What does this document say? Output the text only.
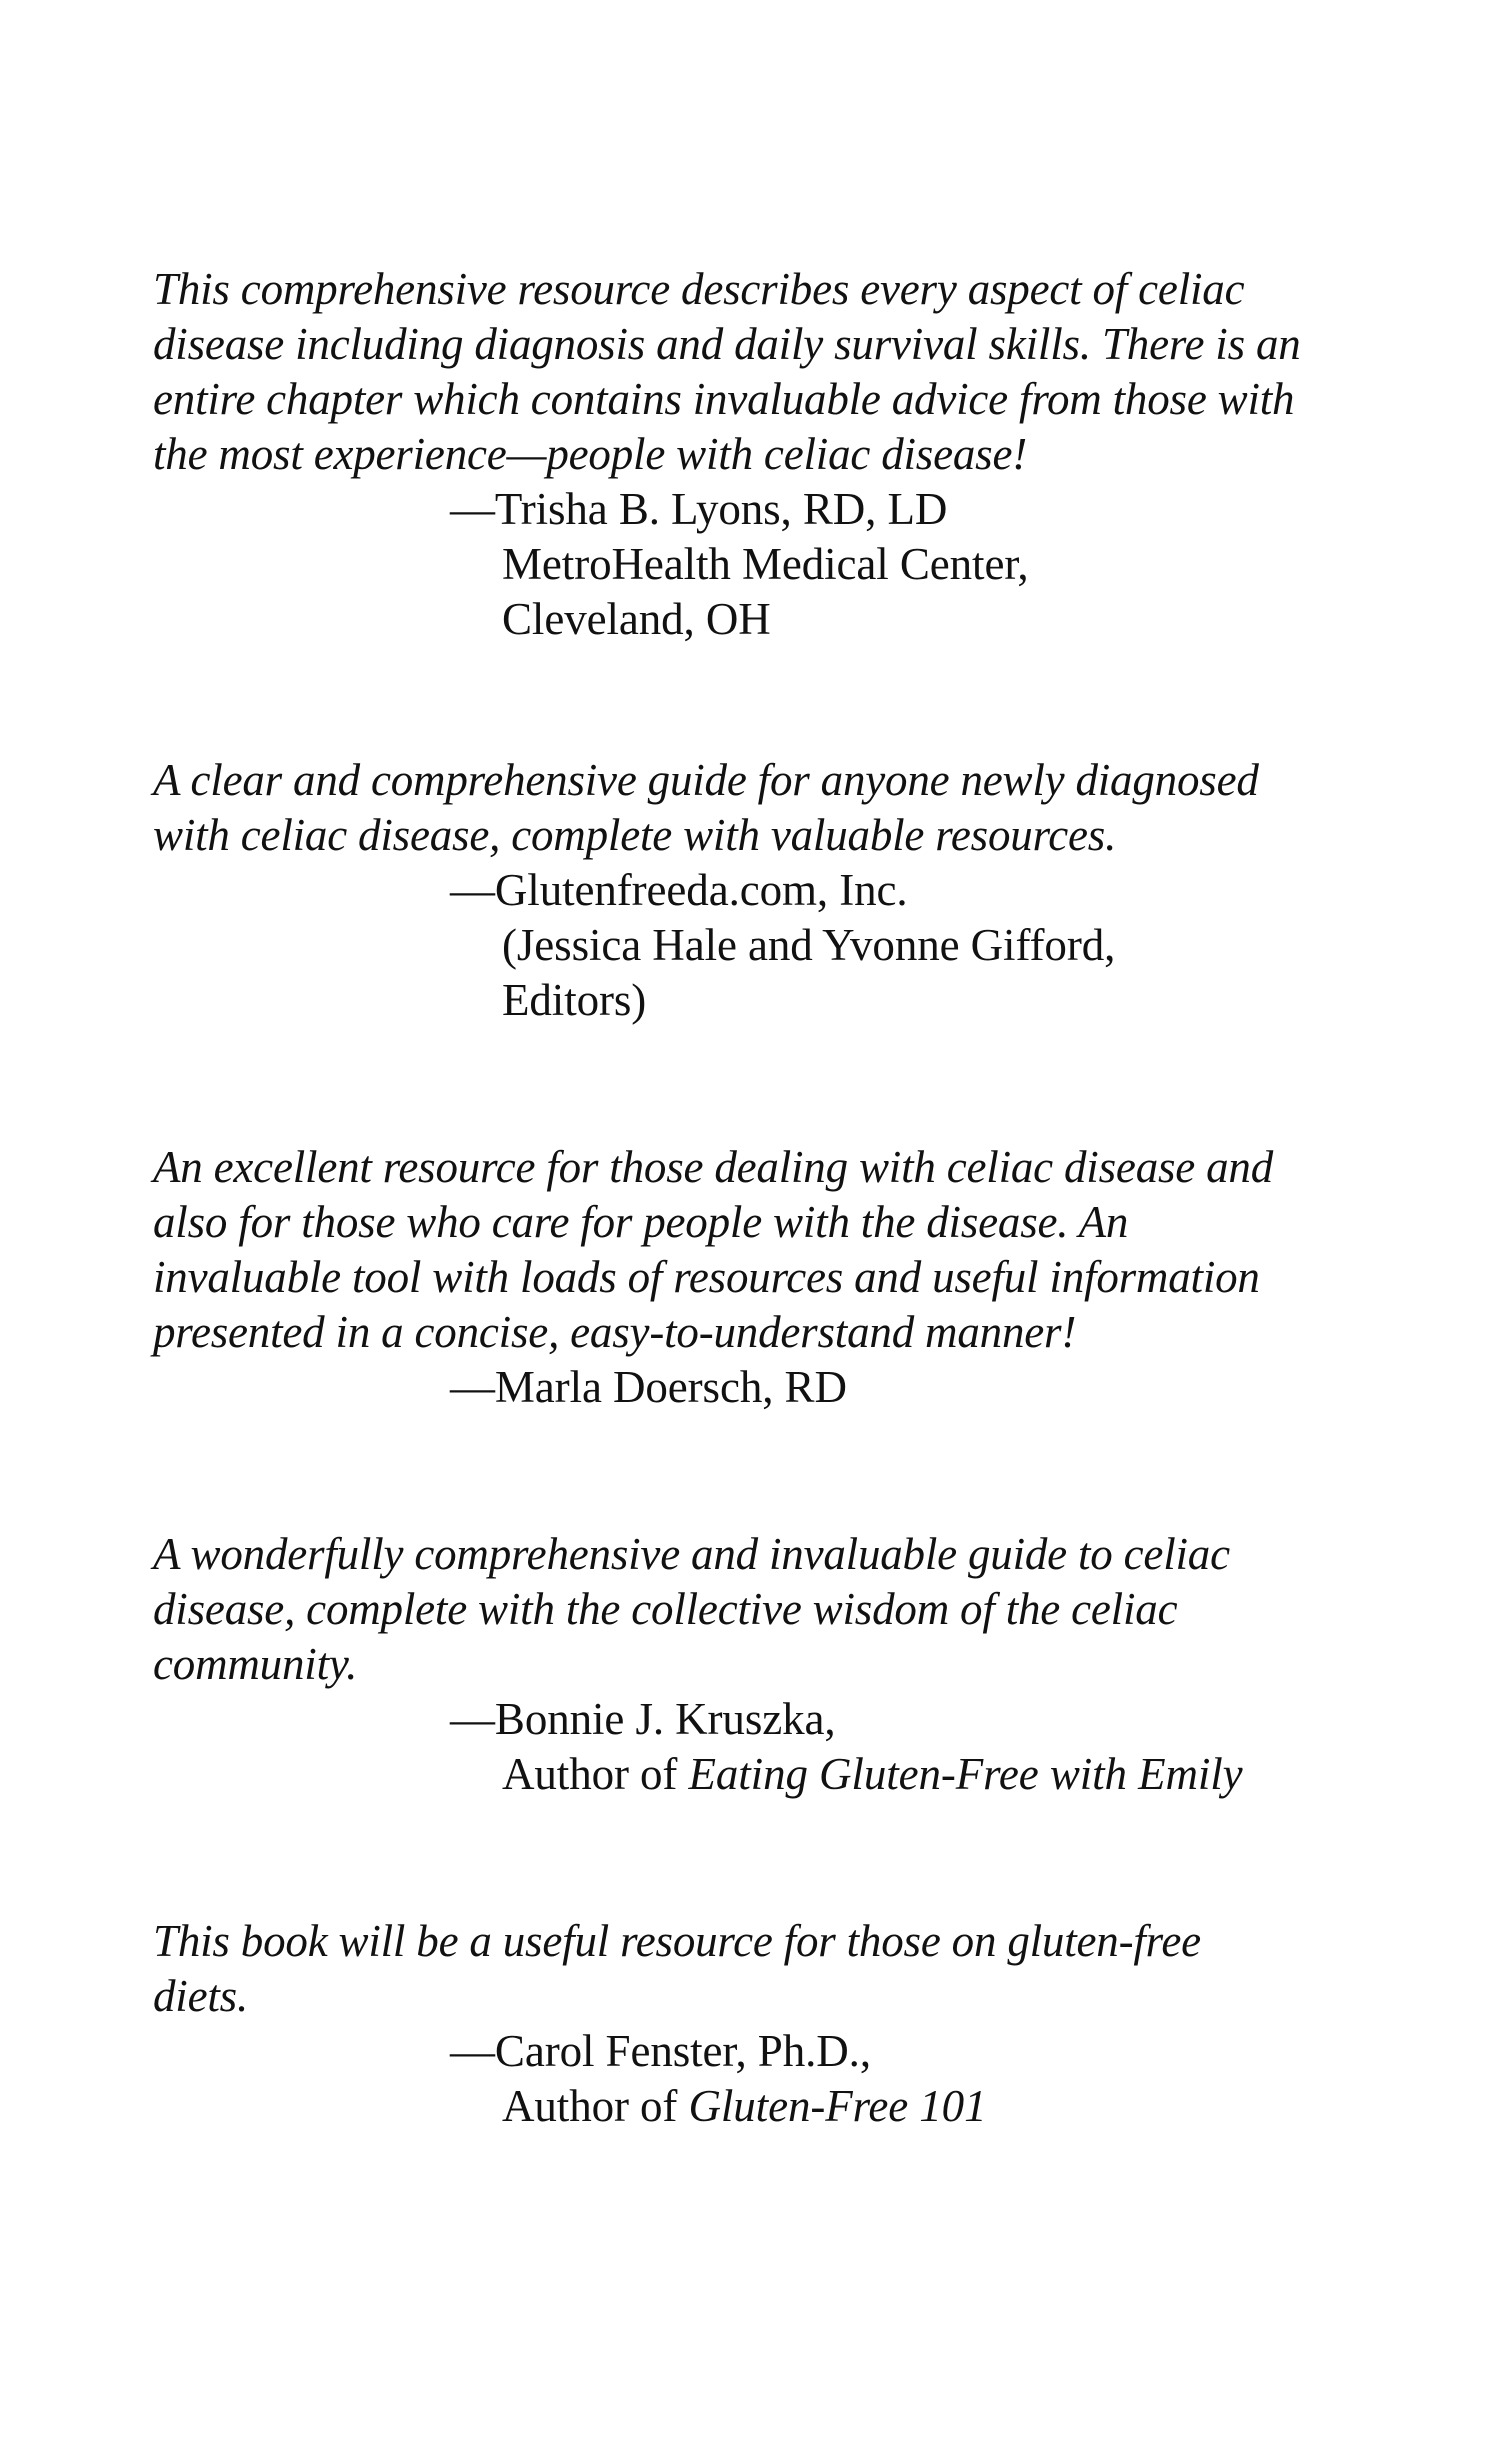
This comprehensive resource describes every aspect of celiac
disease including diagnosis and daily survival skills. There is an
entire chapter which contains invaluable advice from those with
the most experience—people with celiac disease!

—Trisha B. Lyons, RD, LD
MetroHealth Medical Center,
Cleveland, OH

A clear and comprehensive guide for anyone newly diagnosed
with celiac disease, complete with valuable resources.

—Glutenfreeda.com, Inc.
(Jessica Hale and Yvonne Gifford,
Editors)

An excellent resource for those dealing with celiac disease and
also for those who care for people with the disease. An
invaluable tool with loads of resources and useful information
presented in a concise, easy-to-understand manner!

—Marla Doersch, RD

A wonderfully comprehensive and invaluable guide to celiac
disease, complete with the collective wisdom of the celiac
community.

—Bonnie J. Kruszka,
Author of Eating Gluten-Free with Emily

This book will be a useful resource for those on gluten-free
diets.

—Carol Fenster, Ph.D.,
Author of Gluten-Free 101
